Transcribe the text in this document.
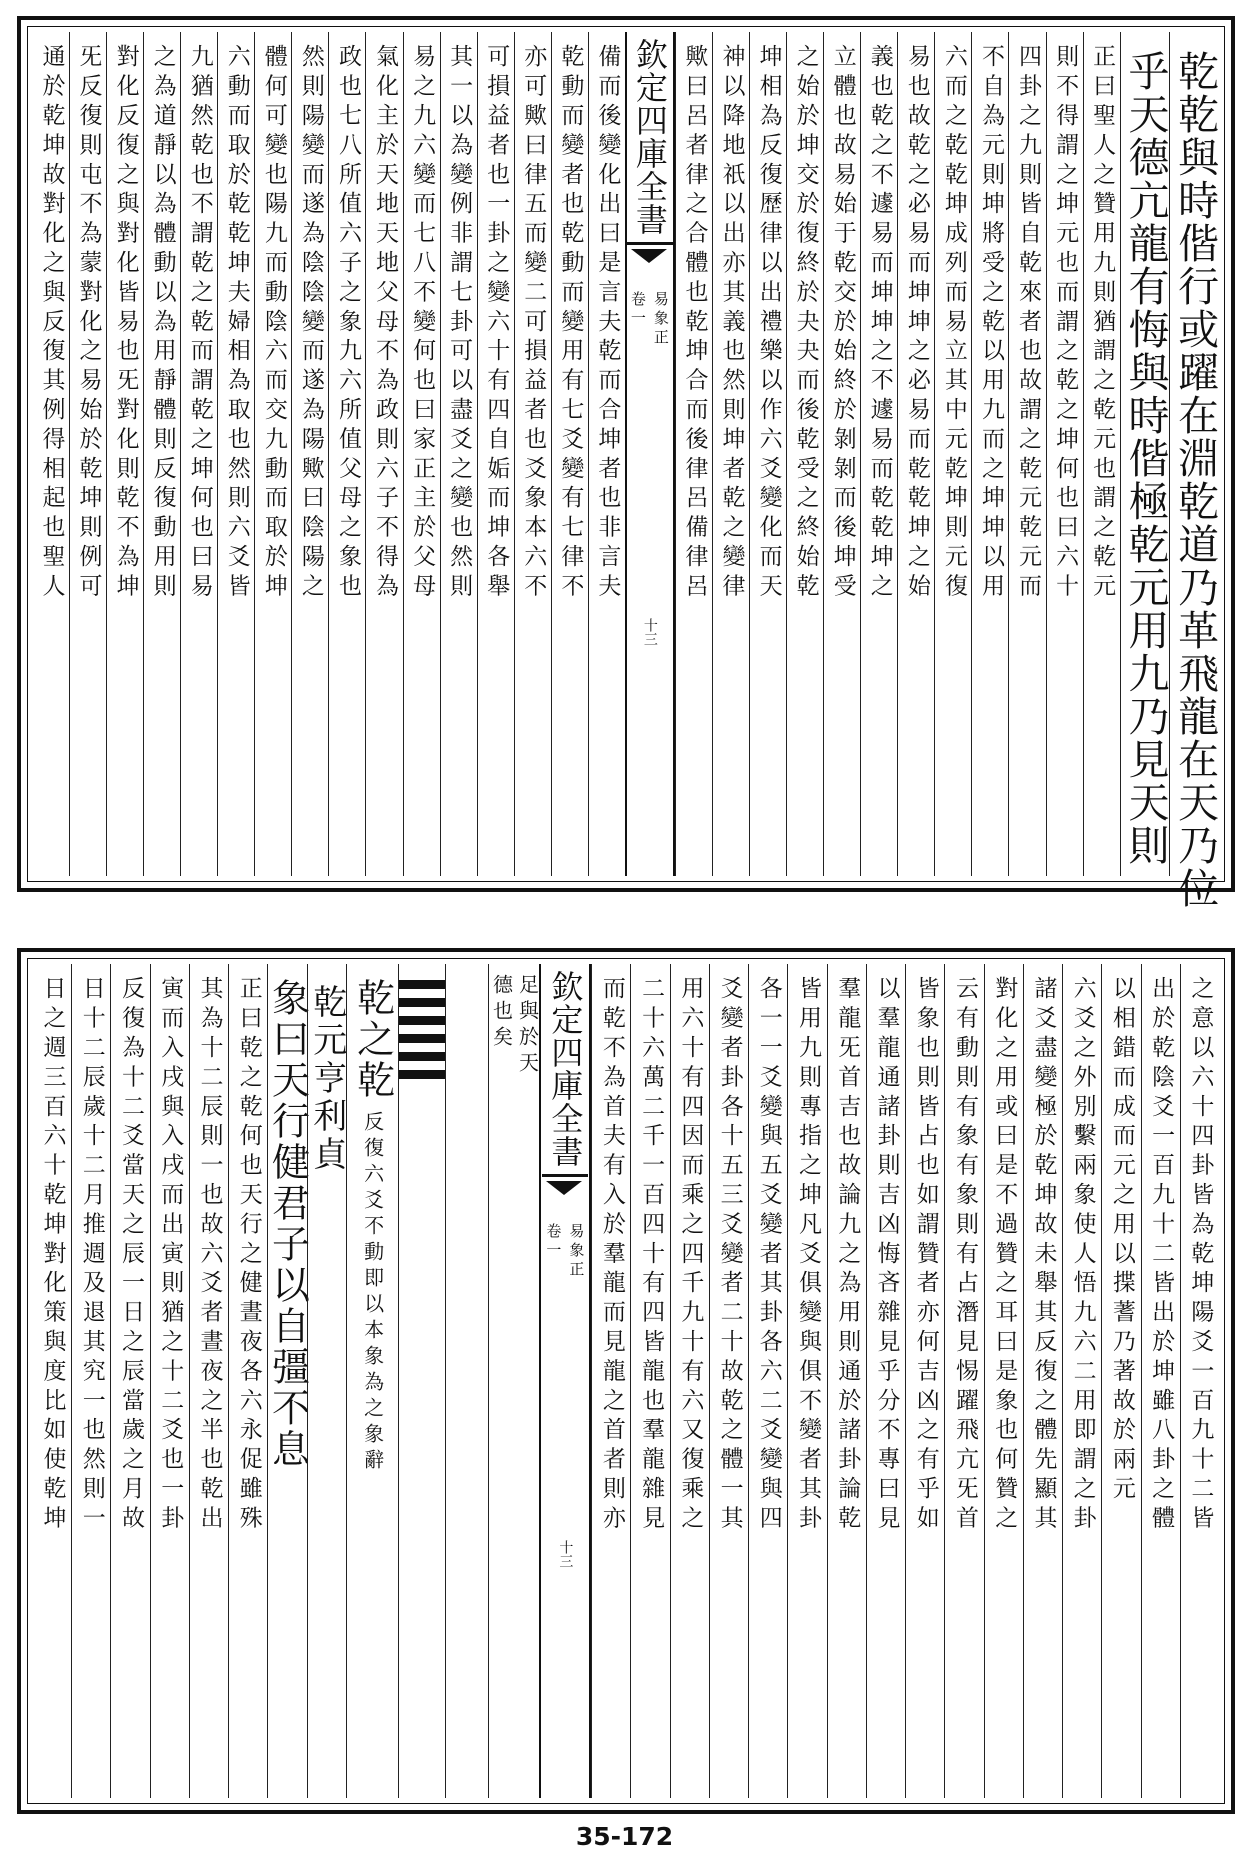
乾乾與時偕行或躍在淵乾道乃革飛龍在天乃位
乎天德亢龍有悔與時偕極乾元用九乃見天則
正曰聖人之贊用九則猶謂之乾元也謂之乾元
則不得謂之坤元也而謂之乾之坤何也曰六十
四卦之九則皆自乾來者也故謂之乾元乾元而
不自為元則坤將受之乾以用九而之坤坤以用
六而之乾乾坤成列而易立其中元乾坤則元復
易也故乾之必易而坤坤之必易而乾乾坤之始
義也乾之不遽易而坤坤之不遽易而乾乾坤之
立體也故易始于乾交於始終於剝剝而後坤受
之始於坤交於復終於夬夬而後乾受之終始乾
坤相為反復歷律以出禮樂以作六爻變化而天
神以降地祇以出亦其義也然則坤者乾之變律
歟曰呂者律之合體也乾坤合而後律呂備律呂
欽定四庫全書
易象正
卷一
十三
備而後變化出曰是言夫乾而合坤者也非言夫
乾動而變者也乾動而變用有七爻變有七律不
亦可歟曰律五而變二可損益者也爻象本六不
可損益者也一卦之變六十有四自姤而坤各舉
其一以為變例非謂七卦可以盡爻之變也然則
易之九六變而七八不變何也曰家正主於父母
氣化主於天地天地父母不為政則六子不得為
政也七八所值六子之象九六所值父母之象也
然則陽變而遂為陰陰變而遂為陽歟曰陰陽之
體何可變也陽九而動陰六而交九動而取於坤
六動而取於乾乾坤夫婦相為取也然則六爻皆
九猶然乾也不謂乾之乾而謂乾之坤何也曰易
之為道靜以為體動以為用靜體則反復動用則
對化反復之與對化皆易也旡對化則乾不為坤
旡反復則屯不為蒙對化之易始於乾坤則例可
通於乾坤故對化之與反復其例得相起也聖人
之意以六十四卦皆為乾坤陽爻一百九十二皆
出於乾陰爻一百九十二皆出於坤雖八卦之體
以相錯而成而元之用以揲蓍乃著故於兩元
六爻之外別繫兩象使人悟九六二用即謂之卦
諸爻盡變極於乾坤故未舉其反復之體先顯其
對化之用或曰是不過贊之耳曰是象也何贊之
云有動則有象有象則有占潛見惕躍飛亢旡首
皆象也則皆占也如謂贊者亦何吉凶之有乎如
以羣龍通諸卦則吉凶悔吝雜見乎分不專曰見
羣龍旡首吉也故論九之為用則通於諸卦論乾
皆用九則專指之坤凡爻俱變與俱不變者其卦
各一一爻變與五爻變者其卦各六二爻變與四
爻變者卦各十五三爻變者二十故乾之體一其
用六十有四因而乘之四千九十有六又復乘之
二十六萬二千一百四十有四皆龍也羣龍雜見
而乾不為首夫有入於羣龍而見龍之首者則亦
欽定四庫全書
易象正
卷一
十三
足與於天
德也矣
乾之乾
反復六爻不動即以本象為之象辭
乾元亨利貞
象曰天行健君子以自彊不息
正曰乾之乾何也天行之健晝夜各六永促雖殊
其為十二辰則一也故六爻者晝夜之半也乾出
寅而入戌與入戌而出寅則猶之十二爻也一卦
反復為十二爻當天之辰一日之辰當歲之月故
日十二辰歲十二月推週及退其究一也然則一
日之週三百六十乾坤對化策與度比如使乾坤
35-172
